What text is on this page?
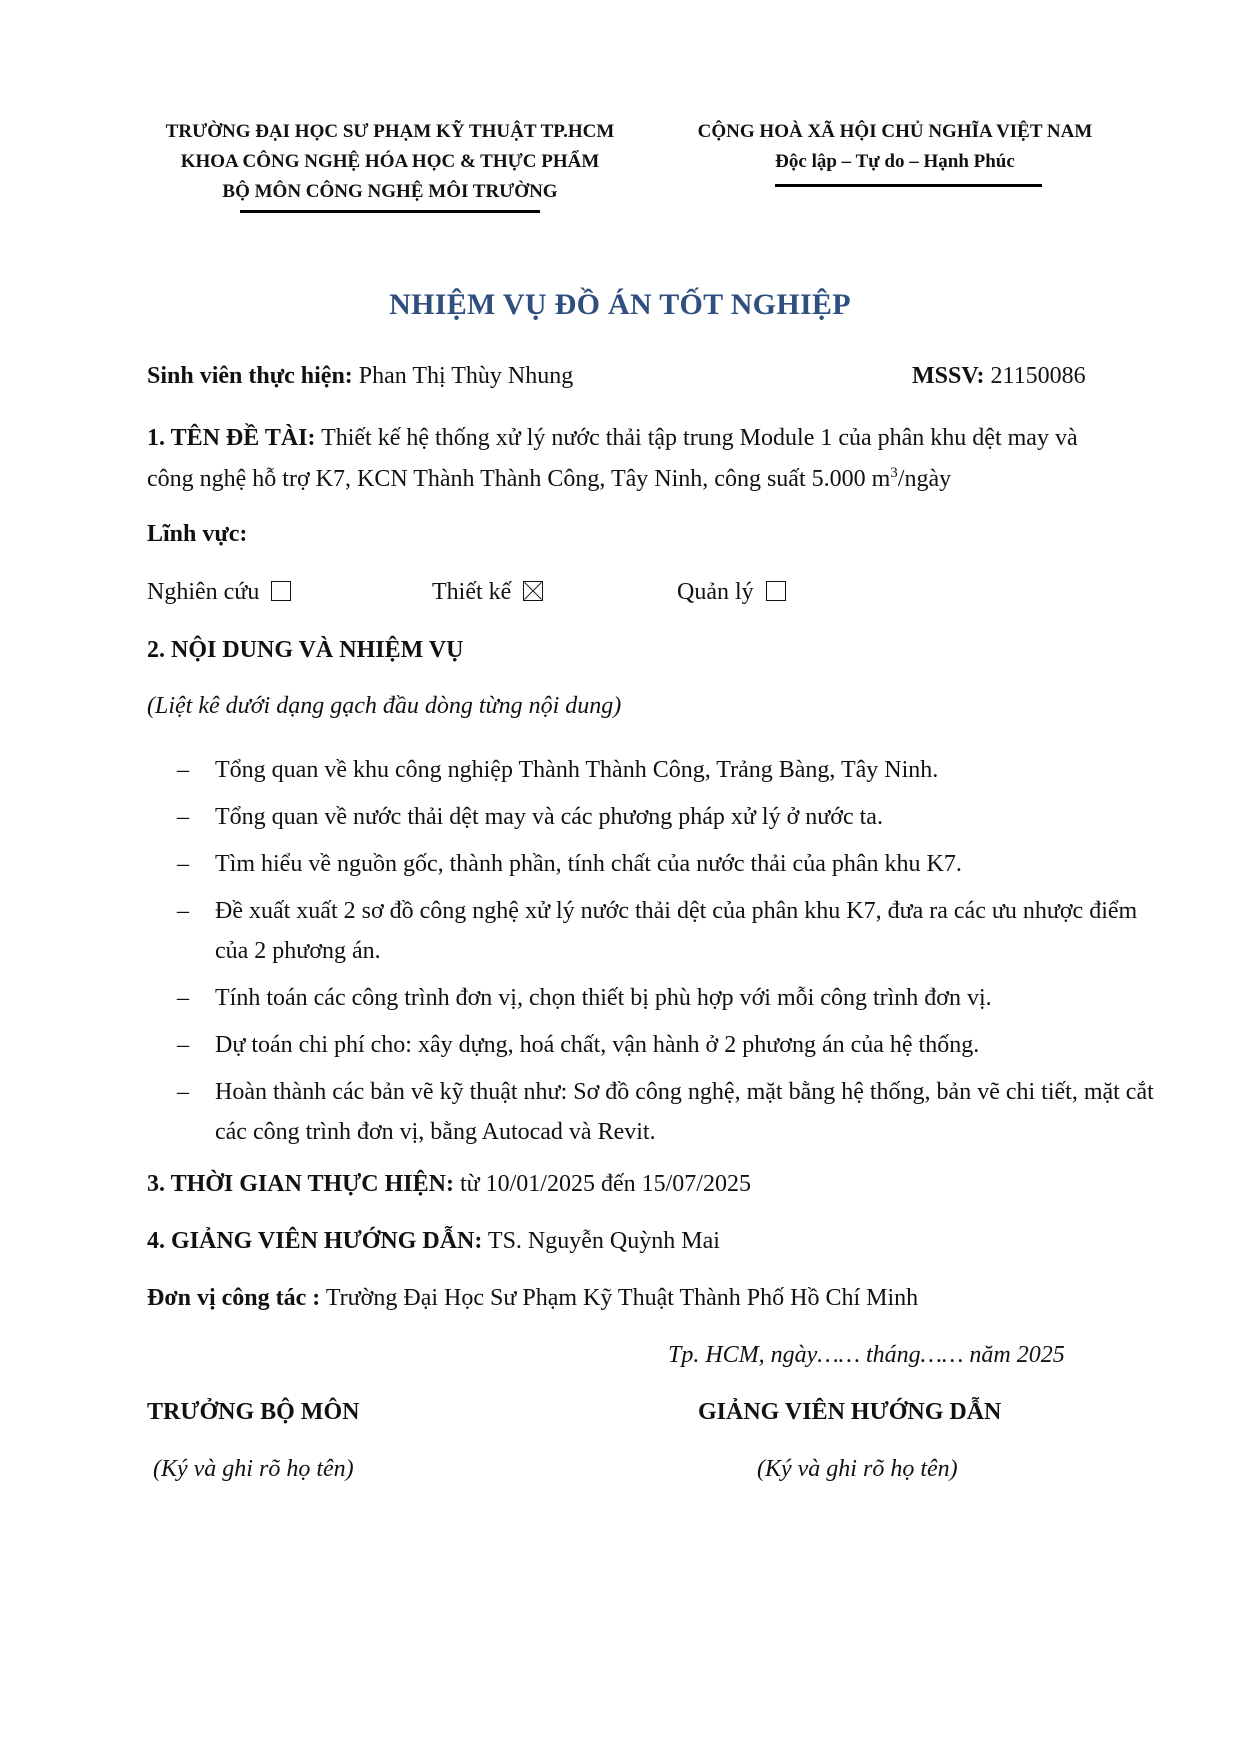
TRƯỜNG ĐẠI HỌC SƯ PHẠM KỸ THUẬT TP.HCM
KHOA CÔNG NGHỆ HÓA HỌC & THỰC PHẨM
BỘ MÔN CÔNG NGHỆ MÔI TRƯỜNG
CỘNG HOÀ XÃ HỘI CHỦ NGHĨA VIỆT NAM
Độc lập – Tự do – Hạnh Phúc
NHIỆM VỤ ĐỒ ÁN TỐT NGHIỆP
Sinh viên thực hiện: Phan Thị Thùy Nhung	MSSV: 21150086
1. TÊN ĐỀ TÀI: Thiết kế hệ thống xử lý nước thải tập trung Module 1 của phân khu dệt may và công nghệ hỗ trợ K7, KCN Thành Thành Công, Tây Ninh, công suất 5.000 $m^3$/ngày
Lĩnh vực:
Nghiên cứu	Thiết kế	Quản lý
2. NỘI DUNG VÀ NHIỆM VỤ
(Liệt kê dưới dạng gạch đầu dòng từng nội dung)
– Tổng quan về khu công nghiệp Thành Thành Công, Trảng Bàng, Tây Ninh.
– Tổng quan về nước thải dệt may và các phương pháp xử lý ở nước ta.
– Tìm hiểu về nguồn gốc, thành phần, tính chất của nước thải của phân khu K7.
– Đề xuất xuất 2 sơ đồ công nghệ xử lý nước thải dệt của phân khu K7, đưa ra các ưu nhược điểm của 2 phương án.
– Tính toán các công trình đơn vị, chọn thiết bị phù hợp với mỗi công trình đơn vị.
– Dự toán chi phí cho: xây dựng, hoá chất, vận hành ở 2 phương án của hệ thống.
– Hoàn thành các bản vẽ kỹ thuật như: Sơ đồ công nghệ, mặt bằng hệ thống, bản vẽ chi tiết, mặt cắt các công trình đơn vị, bằng Autocad và Revit.
3. THỜI GIAN THỰC HIỆN: từ 10/01/2025 đến 15/07/2025
4. GIẢNG VIÊN HƯỚNG DẪN: TS. Nguyễn Quỳnh Mai
Đơn vị công tác : Trường Đại Học Sư Phạm Kỹ Thuật Thành Phố Hồ Chí Minh
Tp. HCM, ngày…… tháng…… năm 2025
TRƯỞNG BỘ MÔN	GIẢNG VIÊN HƯỚNG DẪN
(Ký và ghi rõ họ tên)	(Ký và ghi rõ họ tên)
